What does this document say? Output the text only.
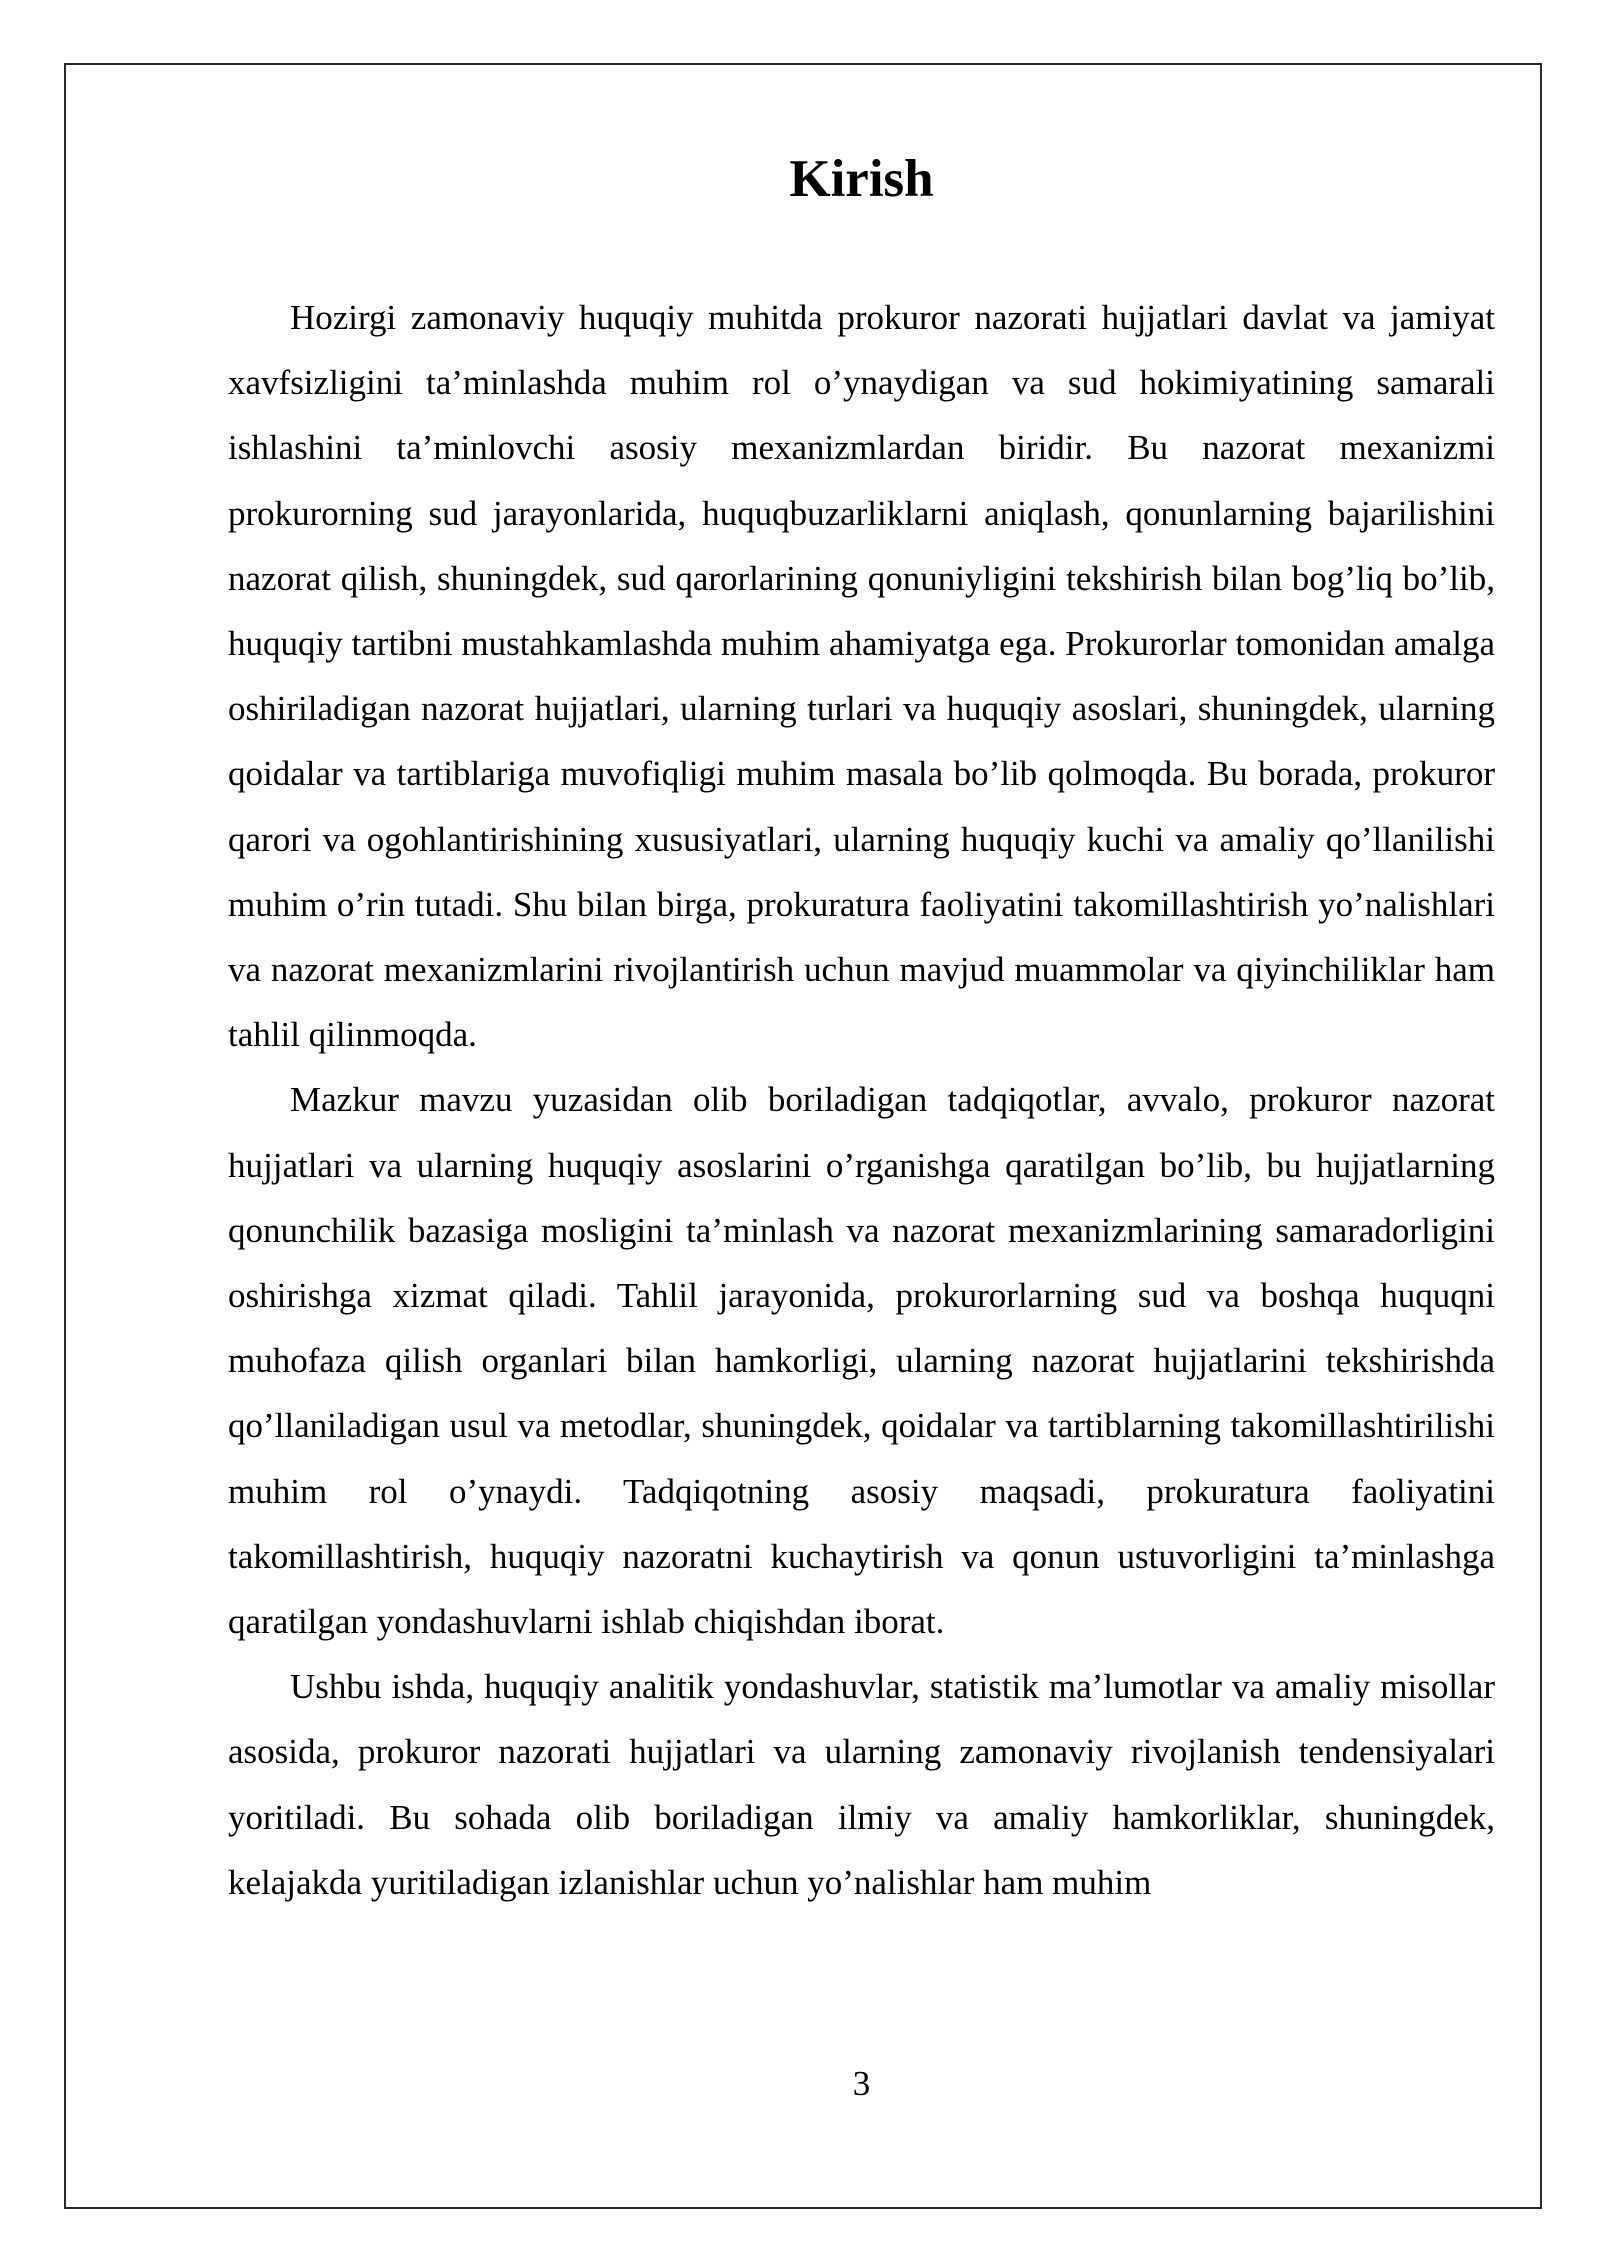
Kirish

Hozirgi zamonaviy huquqiy muhitda prokuror nazorati hujjatlari davlat va jamiyat xavfsizligini ta’minlashda muhim rol o’ynaydigan va sud hokimiyatining samarali ishlashini ta’minlovchi asosiy mexanizmlardan biridir. Bu nazorat mexanizmi prokurorning sud jarayonlarida, huquqbuzarliklarni aniqlash, qonunlarning bajarilishini nazorat qilish, shuningdek, sud qarorlarining qonuniyligini tekshirish bilan bog’liq bo’lib, huquqiy tartibni mustahkamlashda muhim ahamiyatga ega. Prokurorlar tomonidan amalga oshiriladigan nazorat hujjatlari, ularning turlari va huquqiy asoslari, shuningdek, ularning qoidalar va tartiblariga muvofiqligi muhim masala bo’lib qolmoqda. Bu borada, prokuror qarori va ogohlantirishining xususiyatlari, ularning huquqiy kuchi va amaliy qo’llanilishi muhim o’rin tutadi. Shu bilan birga, prokuratura faoliyatini takomillashtirish yo’nalishlari va nazorat mexanizmlarini rivojlantirish uchun mavjud muammolar va qiyinchiliklar ham tahlil qilinmoqda.

Mazkur mavzu yuzasidan olib boriladigan tadqiqotlar, avvalo, prokuror nazorat hujjatlari va ularning huquqiy asoslarini o’rganishga qaratilgan bo’lib, bu hujjatlarning qonunchilik bazasiga mosligini ta’minlash va nazorat mexanizmlarining samaradorligini oshirishga xizmat qiladi. Tahlil jarayonida, prokurorlarning sud va boshqa huquqni muhofaza qilish organlari bilan hamkorligi, ularning nazorat hujjatlarini tekshirishda qo’llaniladigan usul va metodlar, shuningdek, qoidalar va tartiblarning takomillashtirilishi muhim rol o’ynaydi. Tadqiqotning asosiy maqsadi, prokuratura faoliyatini takomillashtirish, huquqiy nazoratni kuchaytirish va qonun ustuvorligini ta’minlashga qaratilgan yondashuvlarni ishlab chiqishdan iborat.

Ushbu ishda, huquqiy analitik yondashuvlar, statistik ma’lumotlar va amaliy misollar asosida, prokuror nazorati hujjatlari va ularning zamonaviy rivojlanish tendensiyalari yoritiladi. Bu sohada olib boriladigan ilmiy va amaliy hamkorliklar, shuningdek, kelajakda yuritiladigan izlanishlar uchun yo’nalishlar ham muhim

3
